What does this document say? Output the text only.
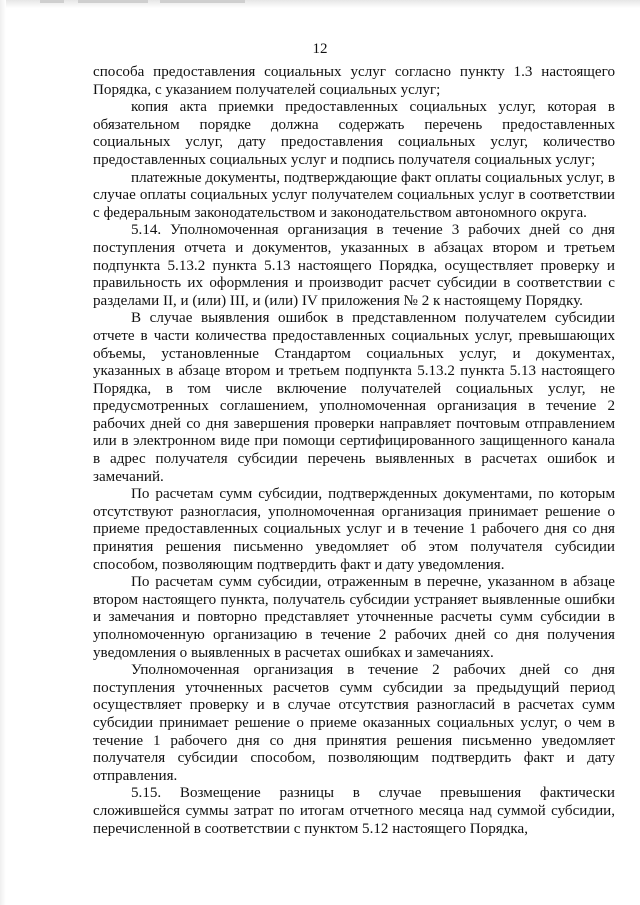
12

способа предоставления социальных услуг согласно пункту 1.3 настоящего Порядка, с указанием получателей социальных услуг;

копия акта приемки предоставленных социальных услуг, которая в обязательном порядке должна содержать перечень предоставленных социальных услуг, дату предоставления социальных услуг, количество предоставленных социальных услуг и подпись получателя социальных услуг;

платежные документы, подтверждающие факт оплаты социальных услуг, в случае оплаты социальных услуг получателем социальных услуг в соответствии с федеральным законодательством и законодательством автономного округа.

5.14. Уполномоченная организация в течение 3 рабочих дней со дня поступления отчета и документов, указанных в абзацах втором и третьем подпункта 5.13.2 пункта 5.13 настоящего Порядка, осуществляет проверку и правильность их оформления и производит расчет субсидии в соответствии с разделами II, и (или) III, и (или) IV приложения № 2 к настоящему Порядку.

В случае выявления ошибок в представленном получателем субсидии отчете в части количества предоставленных социальных услуг, превышающих объемы, установленные Стандартом социальных услуг, и документах, указанных в абзаце втором и третьем подпункта 5.13.2 пункта 5.13 настоящего Порядка, в том числе включение получателей социальных услуг, не предусмотренных соглашением, уполномоченная организация в течение 2 рабочих дней со дня завершения проверки направляет почтовым отправлением или в электронном виде при помощи сертифицированного защищенного канала в адрес получателя субсидии перечень выявленных в расчетах ошибок и замечаний.

По расчетам сумм субсидии, подтвержденных документами, по которым отсутствуют разногласия, уполномоченная организация принимает решение о приеме предоставленных социальных услуг и в течение 1 рабочего дня со дня принятия решения письменно уведомляет об этом получателя субсидии способом, позволяющим подтвердить факт и дату уведомления.

По расчетам сумм субсидии, отраженным в перечне, указанном в абзаце втором настоящего пункта, получатель субсидии устраняет выявленные ошибки и замечания и повторно представляет уточненные расчеты сумм субсидии в уполномоченную организацию в течение 2 рабочих дней со дня получения уведомления о выявленных в расчетах ошибках и замечаниях.

Уполномоченная организация в течение 2 рабочих дней со дня поступления уточненных расчетов сумм субсидии за предыдущий период осуществляет проверку и в случае отсутствия разногласий в расчетах сумм субсидии принимает решение о приеме оказанных социальных услуг, о чем в течение 1 рабочего дня со дня принятия решения письменно уведомляет получателя субсидии способом, позволяющим подтвердить факт и дату отправления.

5.15. Возмещение разницы в случае превышения фактически сложившейся суммы затрат по итогам отчетного месяца над суммой субсидии, перечисленной в соответствии с пунктом 5.12 настоящего Порядка,
